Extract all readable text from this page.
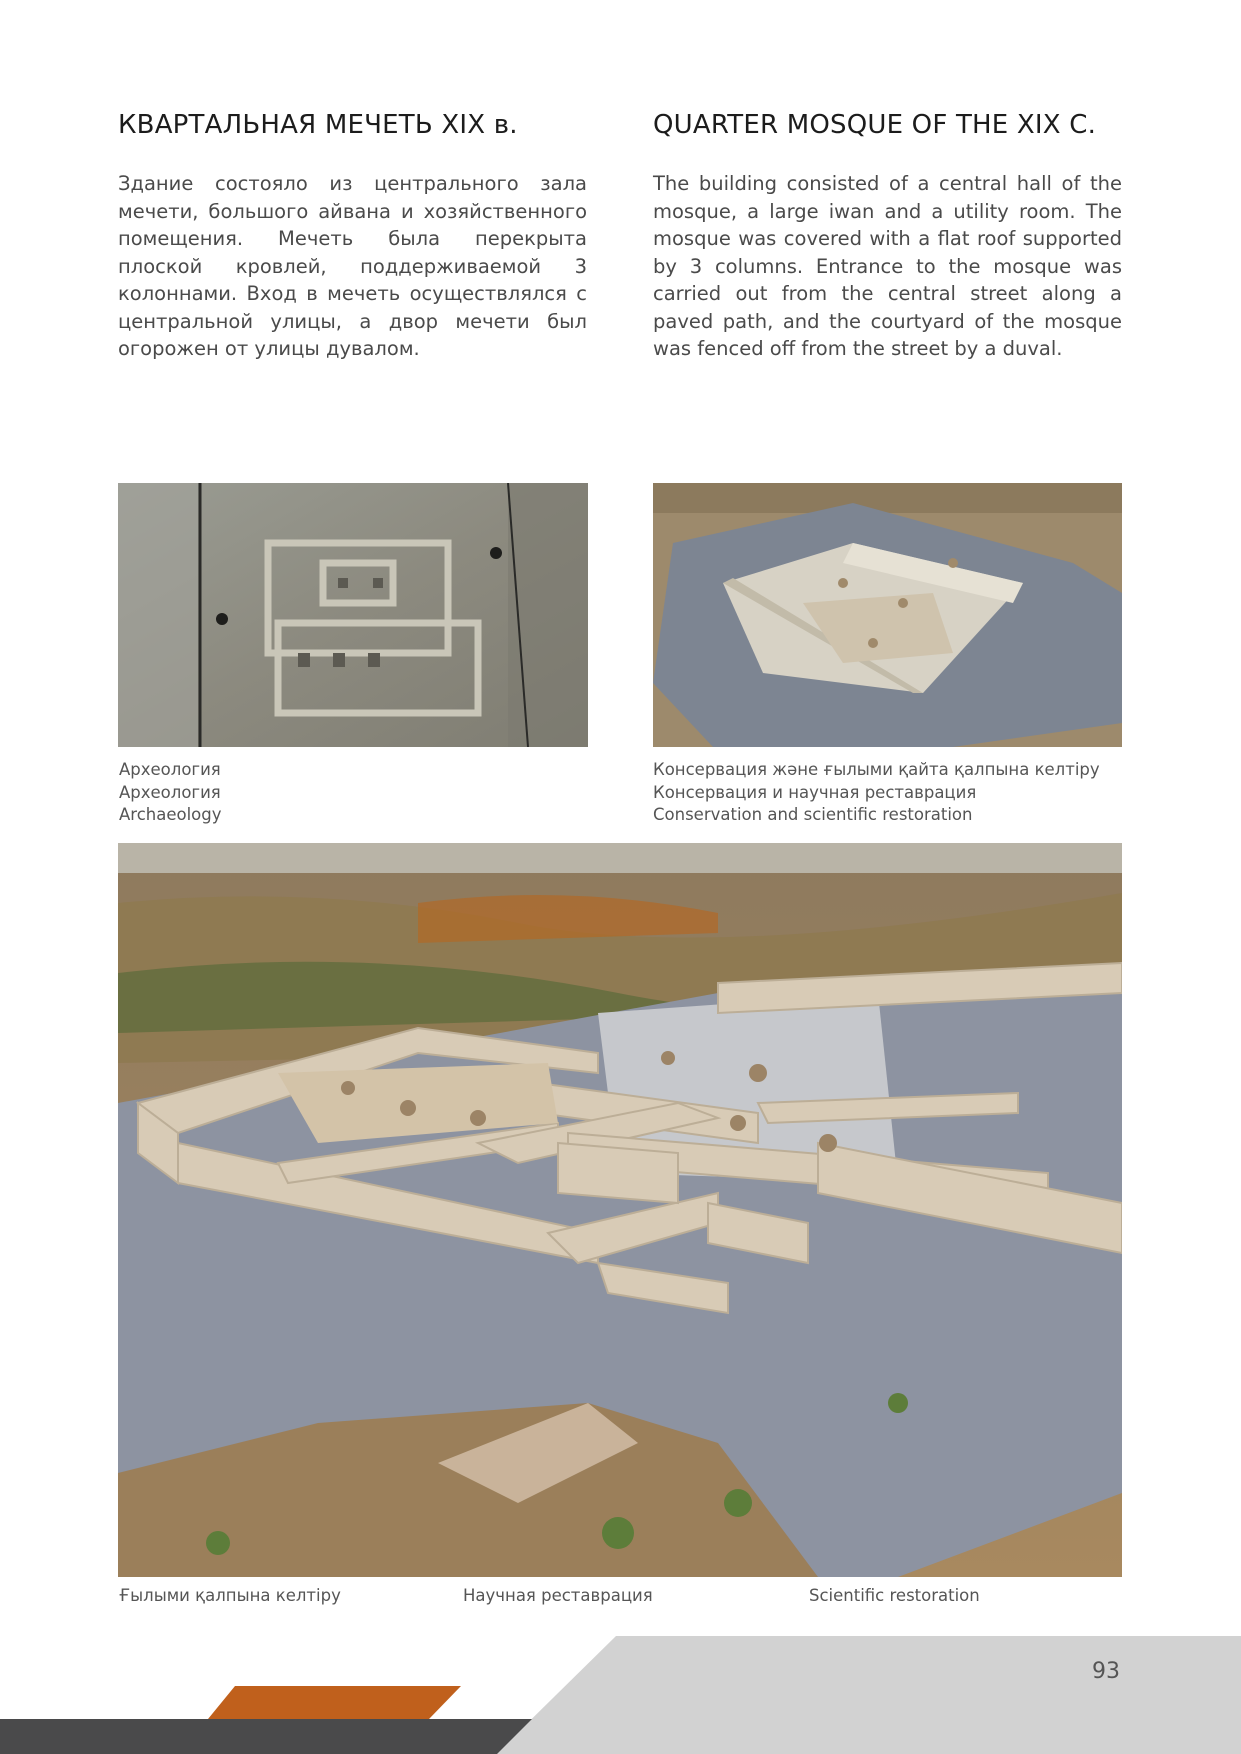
КВАРТАЛЬНАЯ МЕЧЕТЬ XIX в.	QUARTER MOSQUE OF THE XIX C.

Здание состояло из центрального зала мечети, большого айвана и хозяйственного помещения. Мечеть была перекрыта плоской кровлей, поддерживаемой 3 колоннами. Вход в мечеть осуществлялся с центральной улицы, а двор мечети был огорожен от улицы дувалом.

The building consisted of a central hall of the mosque, a large iwan and a utility room. The mosque was covered with a flat roof supported by 3 columns. Entrance to the mosque was carried out from the central street along a paved path, and the courtyard of the mosque was fenced off from the street by a duval.

Археология
Археология
Archaeology
Консервация және ғылыми қайта қалпына келтіру
Консервация и научная реставрация
Conservation and scientific restoration
Ғылыми қалпына келтіру	Научная реставрация	Scientific restoration
93
